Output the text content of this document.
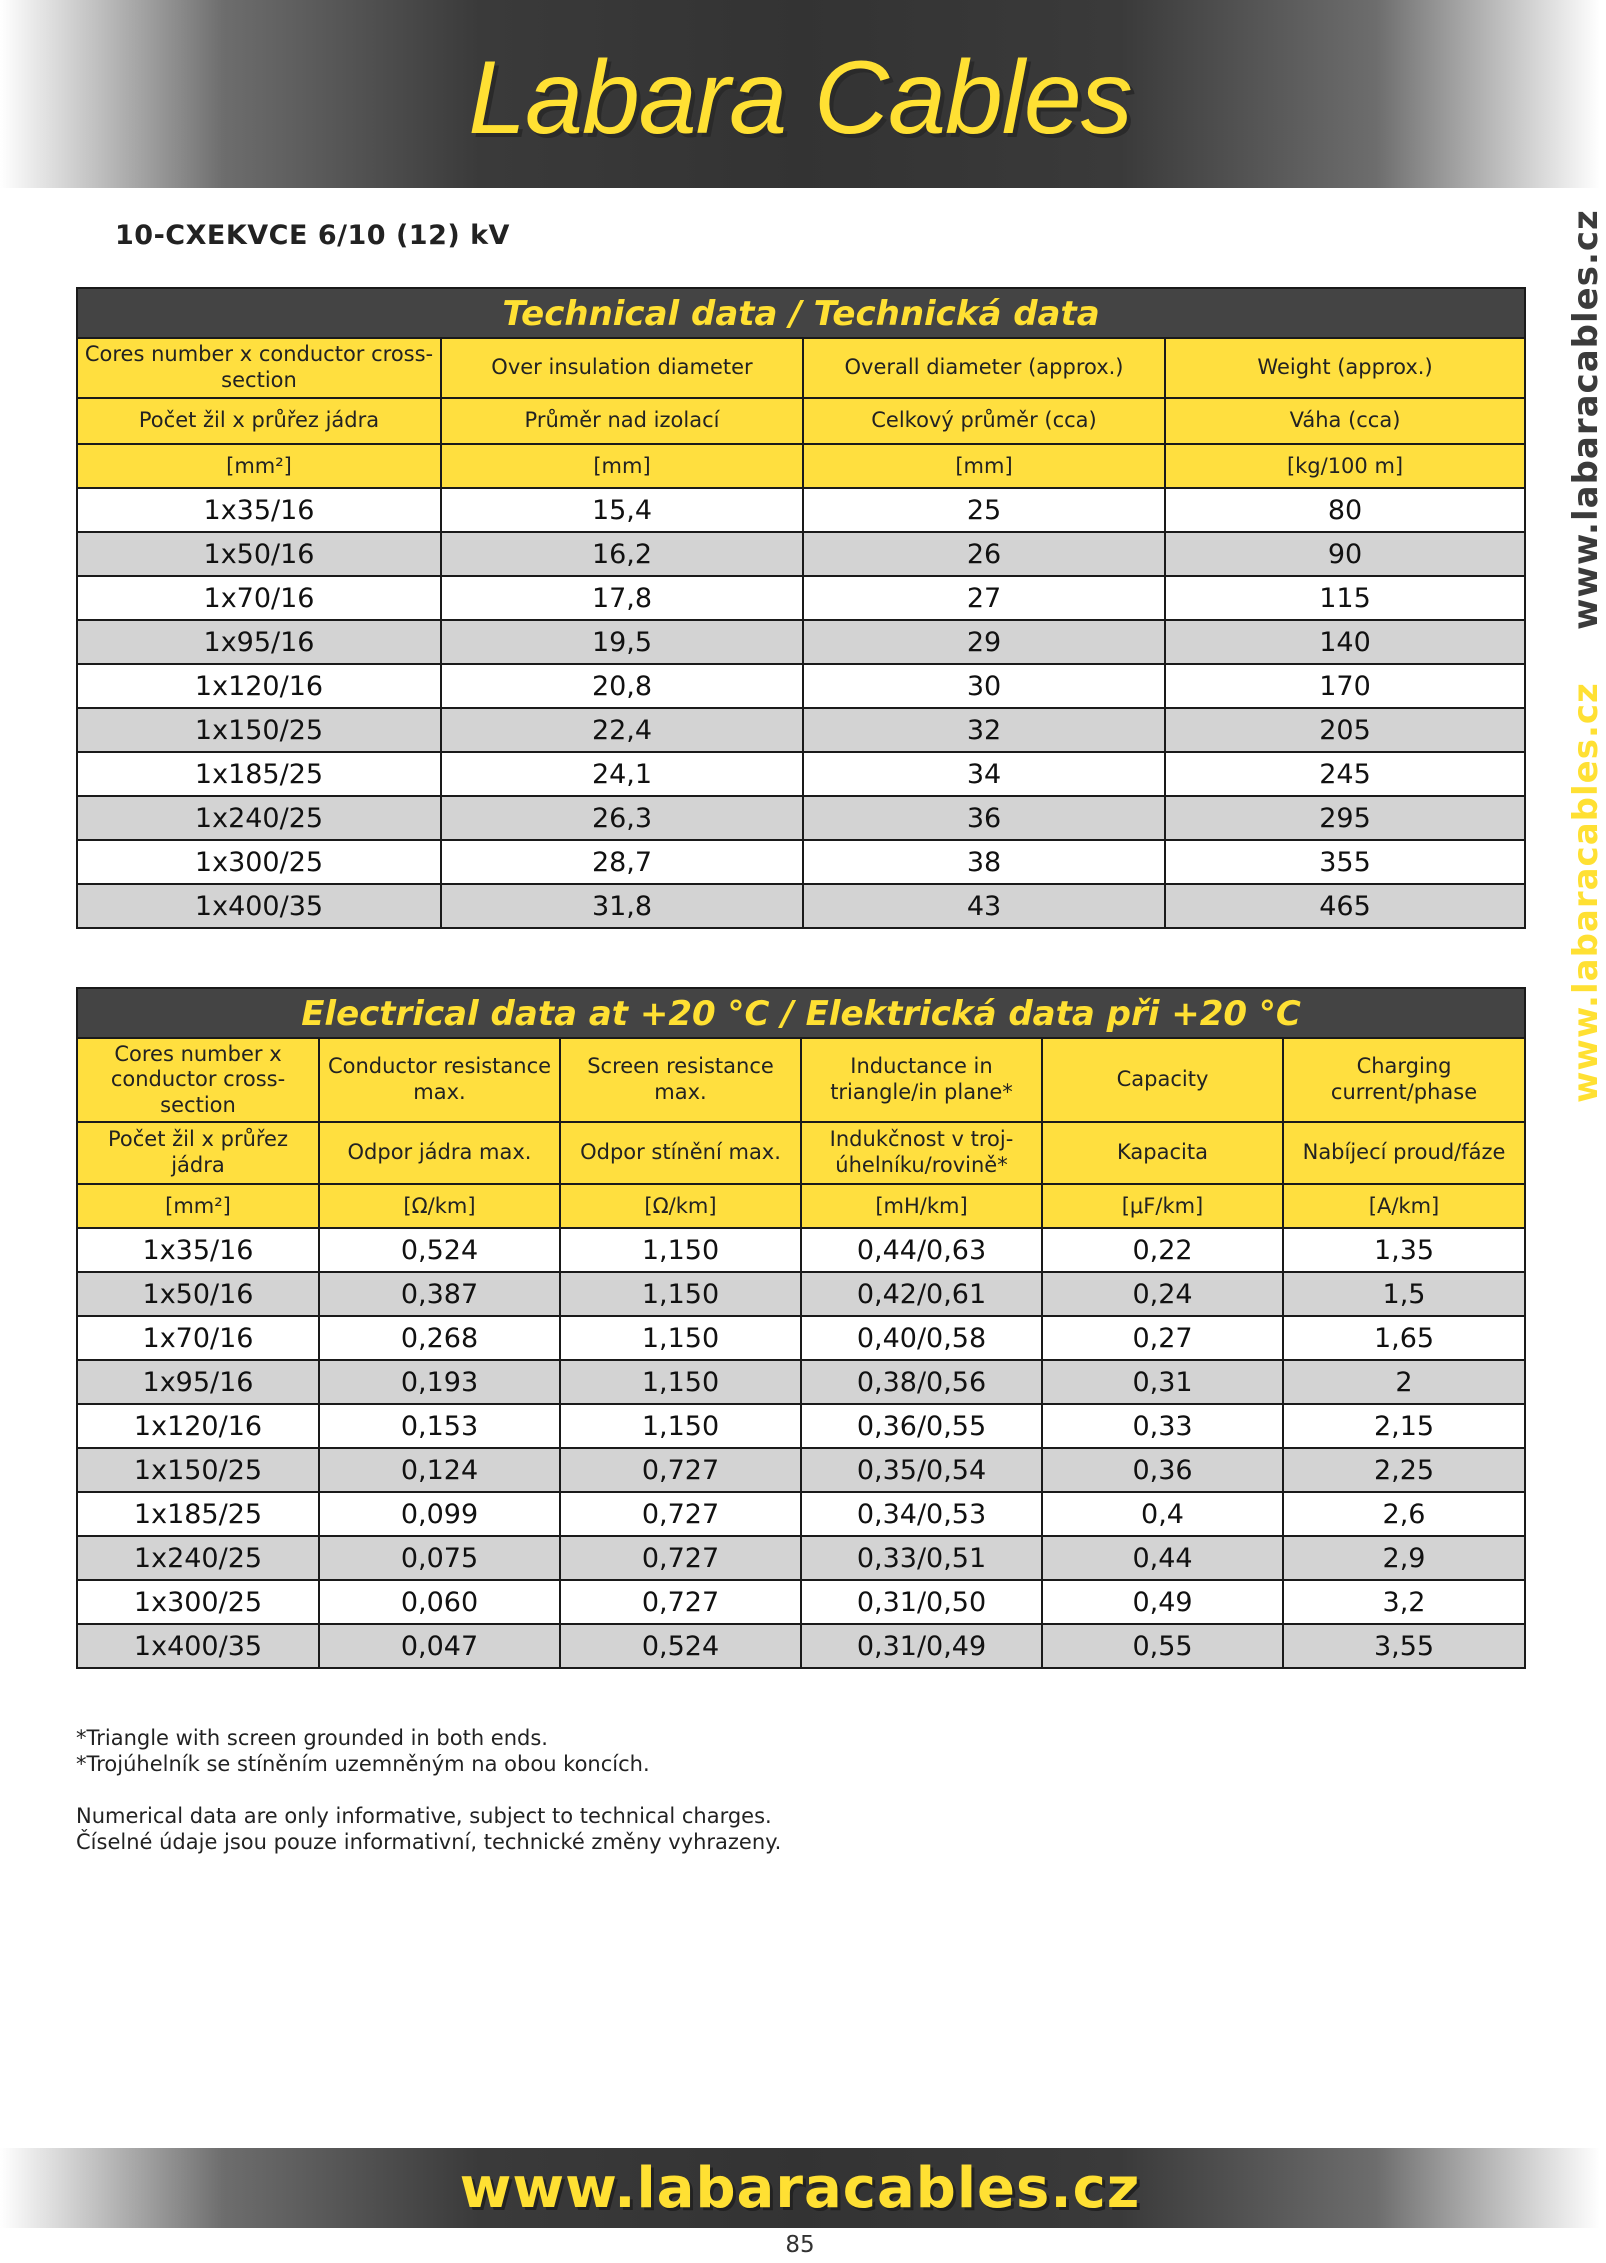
Labara Cables
www.labaracables.cz
www.labaracables.cz
10-CXEKVCE 6/10 (12) kV
Technical data / Technická data			
Cores number x conductor cross-section	Over insulation diameter	Overall diameter (approx.)	Weight (approx.)
Počet žil x průřez jádra	Průměr nad izolací	Celkový průměr (cca)	Váha (cca)
[mm²]	[mm]	[mm]	[kg/100 m]
1x35/16	15,4	25	80
1x50/16	16,2	26	90
1x70/16	17,8	27	115
1x95/16	19,5	29	140
1x120/16	20,8	30	170
1x150/25	22,4	32	205
1x185/25	24,1	34	245
1x240/25	26,3	36	295
1x300/25	28,7	38	355
1x400/35	31,8	43	465
Electrical data at +20 °C / Elektrická data při +20 °C					
Cores number x conductor cross-section	Conductor resistance max.	Screen resistance max.	Inductance in triangle/in plane*	Capacity	Charging current/phase
Počet žil x průřez jádra	Odpor jádra max.	Odpor stínění max.	Indukčnost v troj-úhelníku/rovině*	Kapacita	Nabíjecí proud/fáze
[mm²]	[Ω/km]	[Ω/km]	[mH/km]	[μF/km]	[A/km]
1x35/16	0,524	1,150	0,44/0,63	0,22	1,35
1x50/16	0,387	1,150	0,42/0,61	0,24	1,5
1x70/16	0,268	1,150	0,40/0,58	0,27	1,65
1x95/16	0,193	1,150	0,38/0,56	0,31	2
1x120/16	0,153	1,150	0,36/0,55	0,33	2,15
1x150/25	0,124	0,727	0,35/0,54	0,36	2,25
1x185/25	0,099	0,727	0,34/0,53	0,4	2,6
1x240/25	0,075	0,727	0,33/0,51	0,44	2,9
1x300/25	0,060	0,727	0,31/0,50	0,49	3,2
1x400/35	0,047	0,524	0,31/0,49	0,55	3,55

*Triangle with screen grounded in both ends.

*Trojúhelník se stíněním uzemněným na obou koncích.

Numerical data are only informative, subject to technical charges.

Číselné údaje jsou pouze informativní, technické změny vyhrazeny.

www.labaracables.cz
85
